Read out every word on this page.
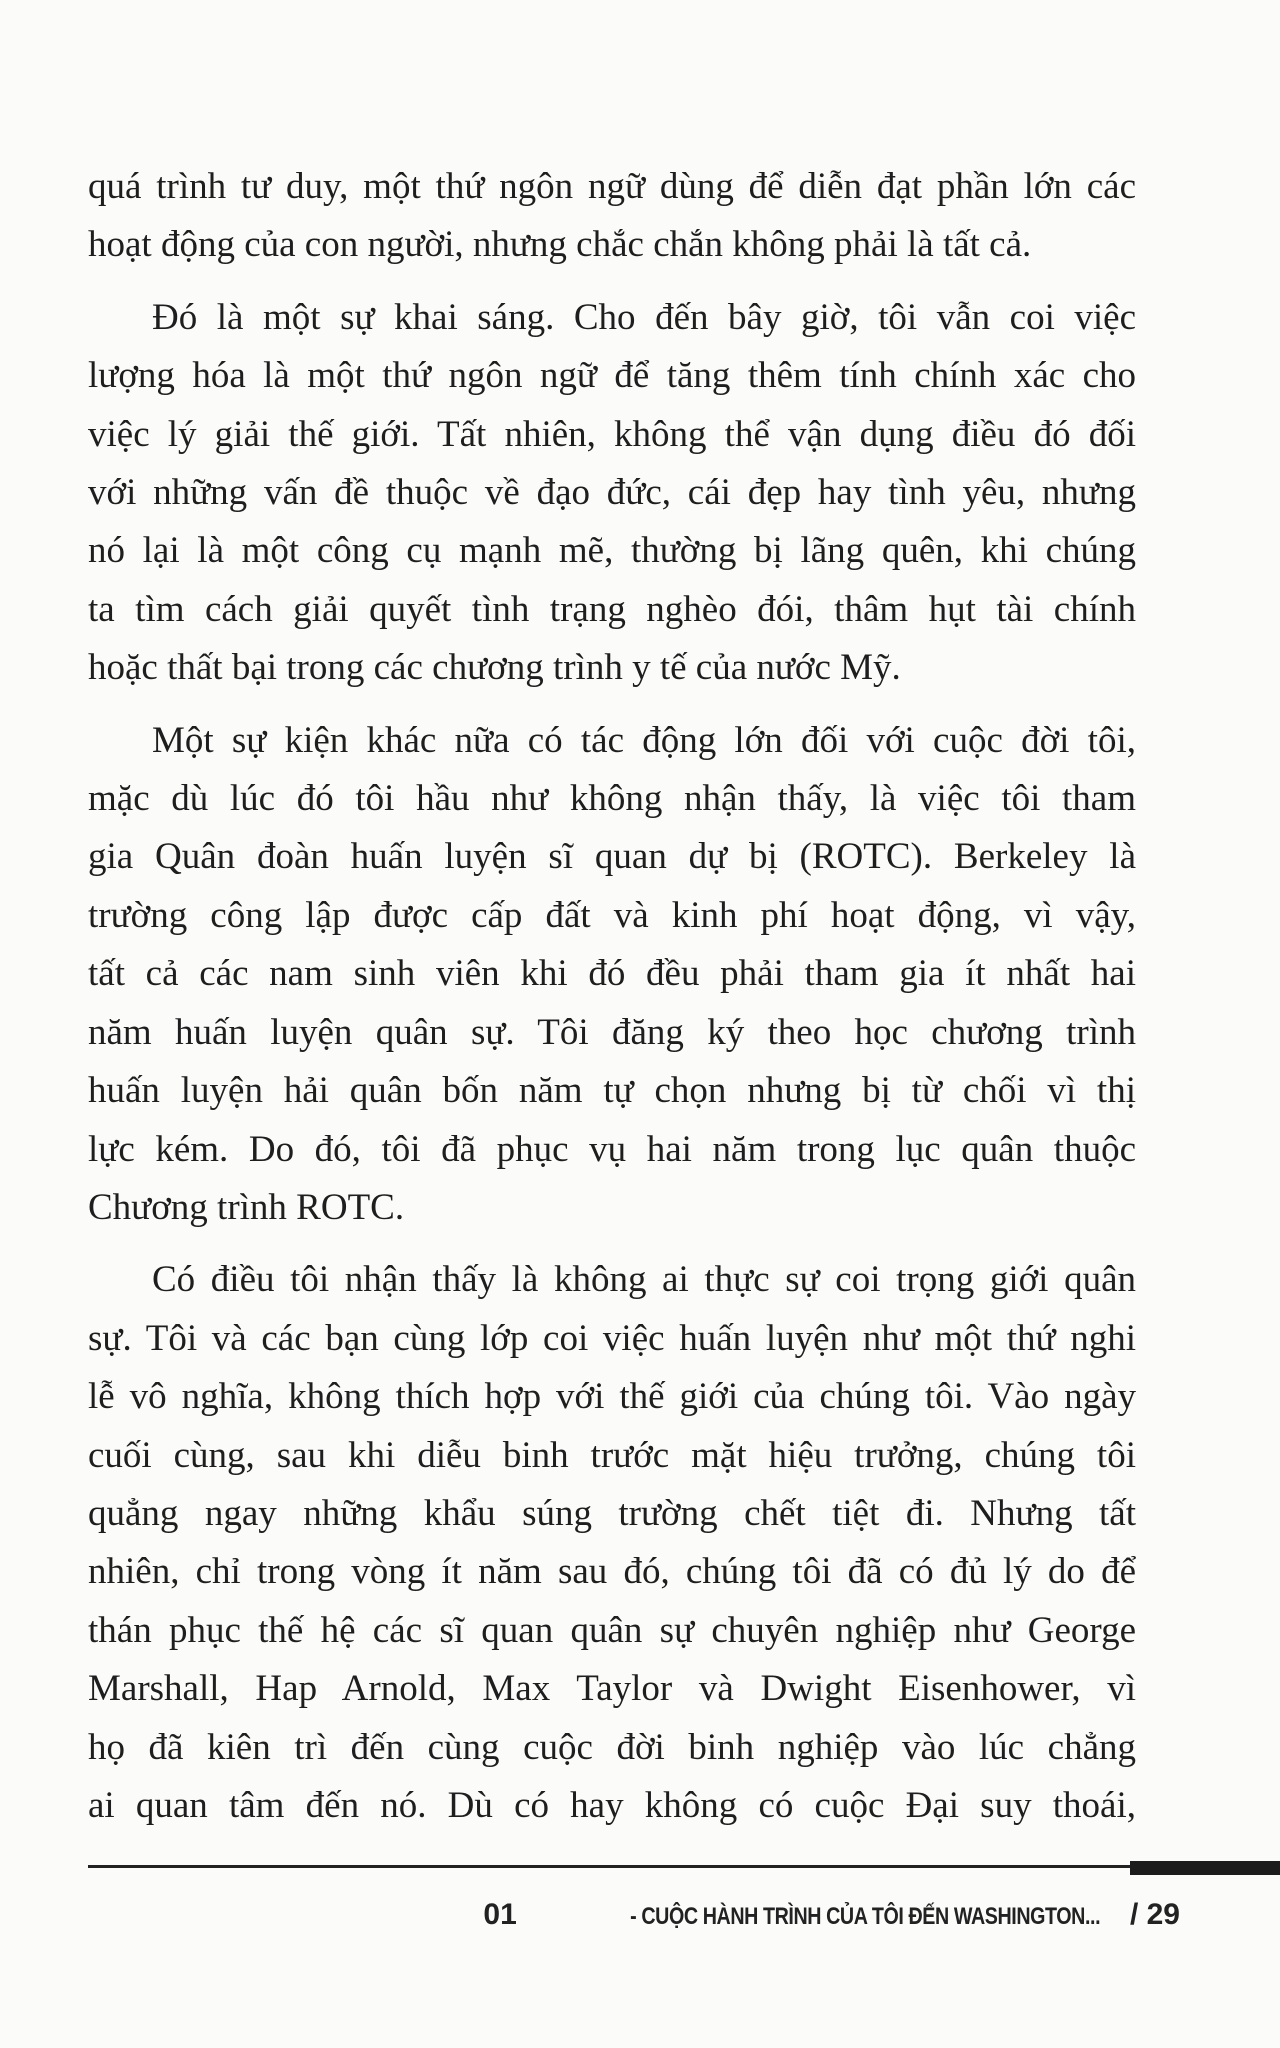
quá trình tư duy, một thứ ngôn ngữ dùng để diễn đạt phần lớn các
hoạt động của con người, nhưng chắc chắn không phải là tất cả.

Đó là một sự khai sáng. Cho đến bây giờ, tôi vẫn coi việc
lượng hóa là một thứ ngôn ngữ để tăng thêm tính chính xác cho
việc lý giải thế giới. Tất nhiên, không thể vận dụng điều đó đối
với những vấn đề thuộc về đạo đức, cái đẹp hay tình yêu, nhưng
nó lại là một công cụ mạnh mẽ, thường bị lãng quên, khi chúng
ta tìm cách giải quyết tình trạng nghèo đói, thâm hụt tài chính
hoặc thất bại trong các chương trình y tế của nước Mỹ.

Một sự kiện khác nữa có tác động lớn đối với cuộc đời tôi,
mặc dù lúc đó tôi hầu như không nhận thấy, là việc tôi tham
gia Quân đoàn huấn luyện sĩ quan dự bị (ROTC). Berkeley là
trường công lập được cấp đất và kinh phí hoạt động, vì vậy,
tất cả các nam sinh viên khi đó đều phải tham gia ít nhất hai
năm huấn luyện quân sự. Tôi đăng ký theo học chương trình
huấn luyện hải quân bốn năm tự chọn nhưng bị từ chối vì thị
lực kém. Do đó, tôi đã phục vụ hai năm trong lục quân thuộc
Chương trình ROTC.

Có điều tôi nhận thấy là không ai thực sự coi trọng giới quân
sự. Tôi và các bạn cùng lớp coi việc huấn luyện như một thứ nghi
lễ vô nghĩa, không thích hợp với thế giới của chúng tôi. Vào ngày
cuối cùng, sau khi diễu binh trước mặt hiệu trưởng, chúng tôi
quẳng ngay những khẩu súng trường chết tiệt đi. Nhưng tất
nhiên, chỉ trong vòng ít năm sau đó, chúng tôi đã có đủ lý do để
thán phục thế hệ các sĩ quan quân sự chuyên nghiệp như George
Marshall, Hap Arnold, Max Taylor và Dwight Eisenhower, vì
họ đã kiên trì đến cùng cuộc đời binh nghiệp vào lúc chẳng
ai quan tâm đến nó. Dù có hay không có cuộc Đại suy thoái,

01	- CUỘC HÀNH TRÌNH CỦA TÔI ĐẾN WASHINGTON... / 29
